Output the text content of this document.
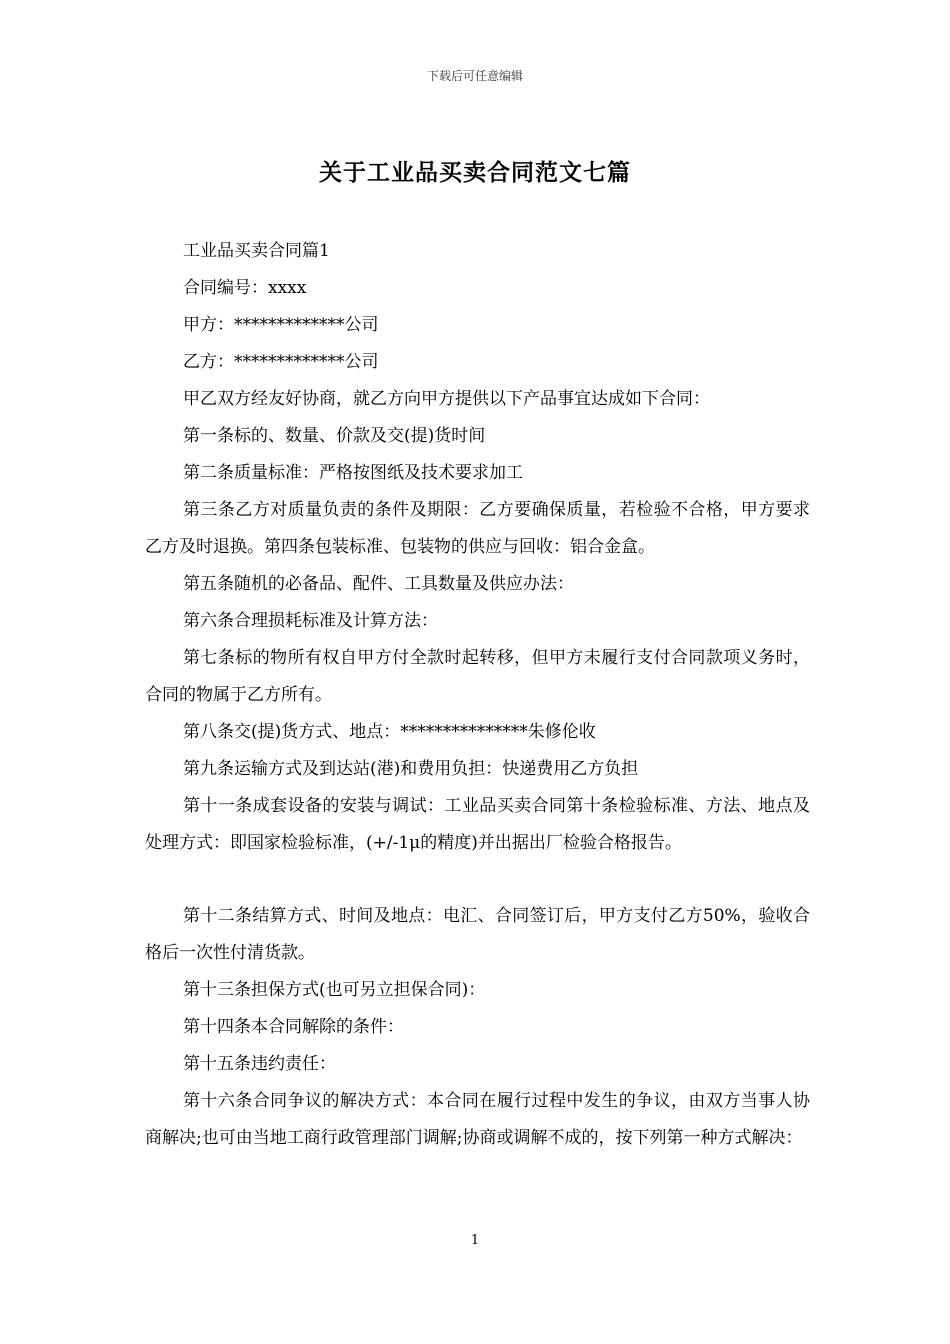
下载后可任意编辑
关于工业品买卖合同范文七篇

工业品买卖合同篇1

合同编号：xxxx

甲方：*************公司

乙方：*************公司

甲乙双方经友好协商，就乙方向甲方提供以下产品事宜达成如下合同：

第一条标的、数量、价款及交(提)货时间

第二条质量标准：严格按图纸及技术要求加工

第三条乙方对质量负责的条件及期限：乙方要确保质量，若检验不合格，甲方要求乙方及时退换。第四条包装标准、包装物的供应与回收：铝合金盒。

第五条随机的必备品、配件、工具数量及供应办法：

第六条合理损耗标准及计算方法：

第七条标的物所有权自甲方付全款时起转移，但甲方未履行支付合同款项义务时，合同的物属于乙方所有。

第八条交(提)货方式、地点：***************朱修伦收

第九条运输方式及到达站(港)和费用负担：快递费用乙方负担

第十一条成套设备的安装与调试：工业品买卖合同第十条检验标准、方法、地点及处理方式：即国家检验标准，(+/-1μ的精度)并出据出厂检验合格报告。

第十二条结算方式、时间及地点：电汇、合同签订后，甲方支付乙方50%，验收合格后一次性付清货款。

第十三条担保方式(也可另立担保合同)：

第十四条本合同解除的条件：

第十五条违约责任：

第十六条合同争议的解决方式：本合同在履行过程中发生的争议，由双方当事人协商解决;也可由当地工商行政管理部门调解;协商或调解不成的，按下列第一种方式解决：

1
